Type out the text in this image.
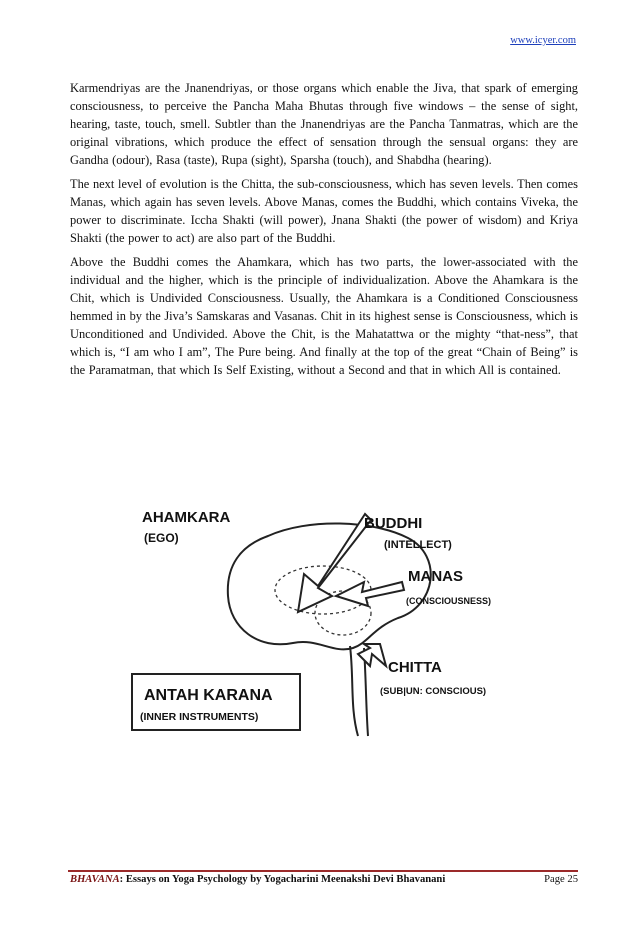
www.icyer.com

Karmendriyas are the Jnanendriyas, or those organs which enable the Jiva, that spark of emerging consciousness, to perceive the Pancha Maha Bhutas through five windows – the sense of sight, hearing, taste, touch, smell. Subtler than the Jnanendriyas are the Pancha Tanmatras, which are the original vibrations, which produce the effect of sensation through the sensual organs: they are Gandha (odour), Rasa (taste), Rupa (sight), Sparsha (touch), and Shabdha (hearing).

The next level of evolution is the Chitta, the sub-consciousness, which has seven levels. Then comes Manas, which again has seven levels. Above Manas, comes the Buddhi, which contains Viveka, the power to discriminate. Iccha Shakti (will power), Jnana Shakti (the power of wisdom) and Kriya Shakti (the power to act) are also part of the Buddhi.

Above the Buddhi comes the Ahamkara, which has two parts, the lower-associated with the individual and the higher, which is the principle of individualization. Above the Ahamkara is the Chit, which is Undivided Consciousness. Usually, the Ahamkara is a Conditioned Consciousness hemmed in by the Jiva’s Samskaras and Vasanas. Chit in its highest sense is Consciousness, which is Unconditioned and Undivided. Above the Chit, is the Mahatattwa or the mighty “that-ness”, that which is, “I am who I am”, The Pure being. And finally at the top of the great “Chain of Being” is the Paramatman, that which Is Self Existing, without a Second and that in which All is contained.

AHAMKARA
(EGO)
BUDDHI
(INTELLECT)
MANAS
(CONSCIOUSNESS)
CHITTA
(SUB|UN: CONSCIOUS)
ANTAH KARANA
(INNER INSTRUMENTS)
BHAVANA: Essays on Yoga Psychology by Yogacharini Meenakshi Devi Bhavanani	Page 25
